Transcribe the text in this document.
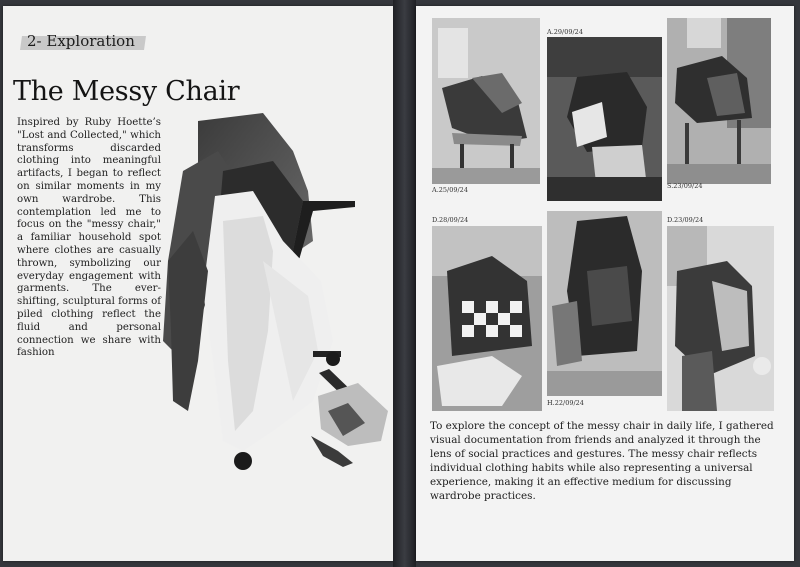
2- Exploration
The Messy Chair
Inspired by Ruby Hoette’s "Lost and Collected," which transforms discarded clothing into meaningful artifacts, I began to reflect on similar moments in my own wardrobe. This contemplation led me to focus on the "messy chair," a familiar household spot where clothes are casually thrown, symbolizing our everyday engagement with garments. The ever-shifting, sculptural forms of piled clothing reflect the fluid and personal connection we share with fashion
A.25/09/24
A.29/09/24
S.23/09/24
D.28/09/24
H.22/09/24
D.23/09/24
To explore the concept of the messy chair in daily life, I gathered visual documentation from friends and analyzed it through the lens of social practices and gestures. The messy chair reflects individual clothing habits while also representing a universal experience, making it an effective medium for discussing wardrobe practices.
